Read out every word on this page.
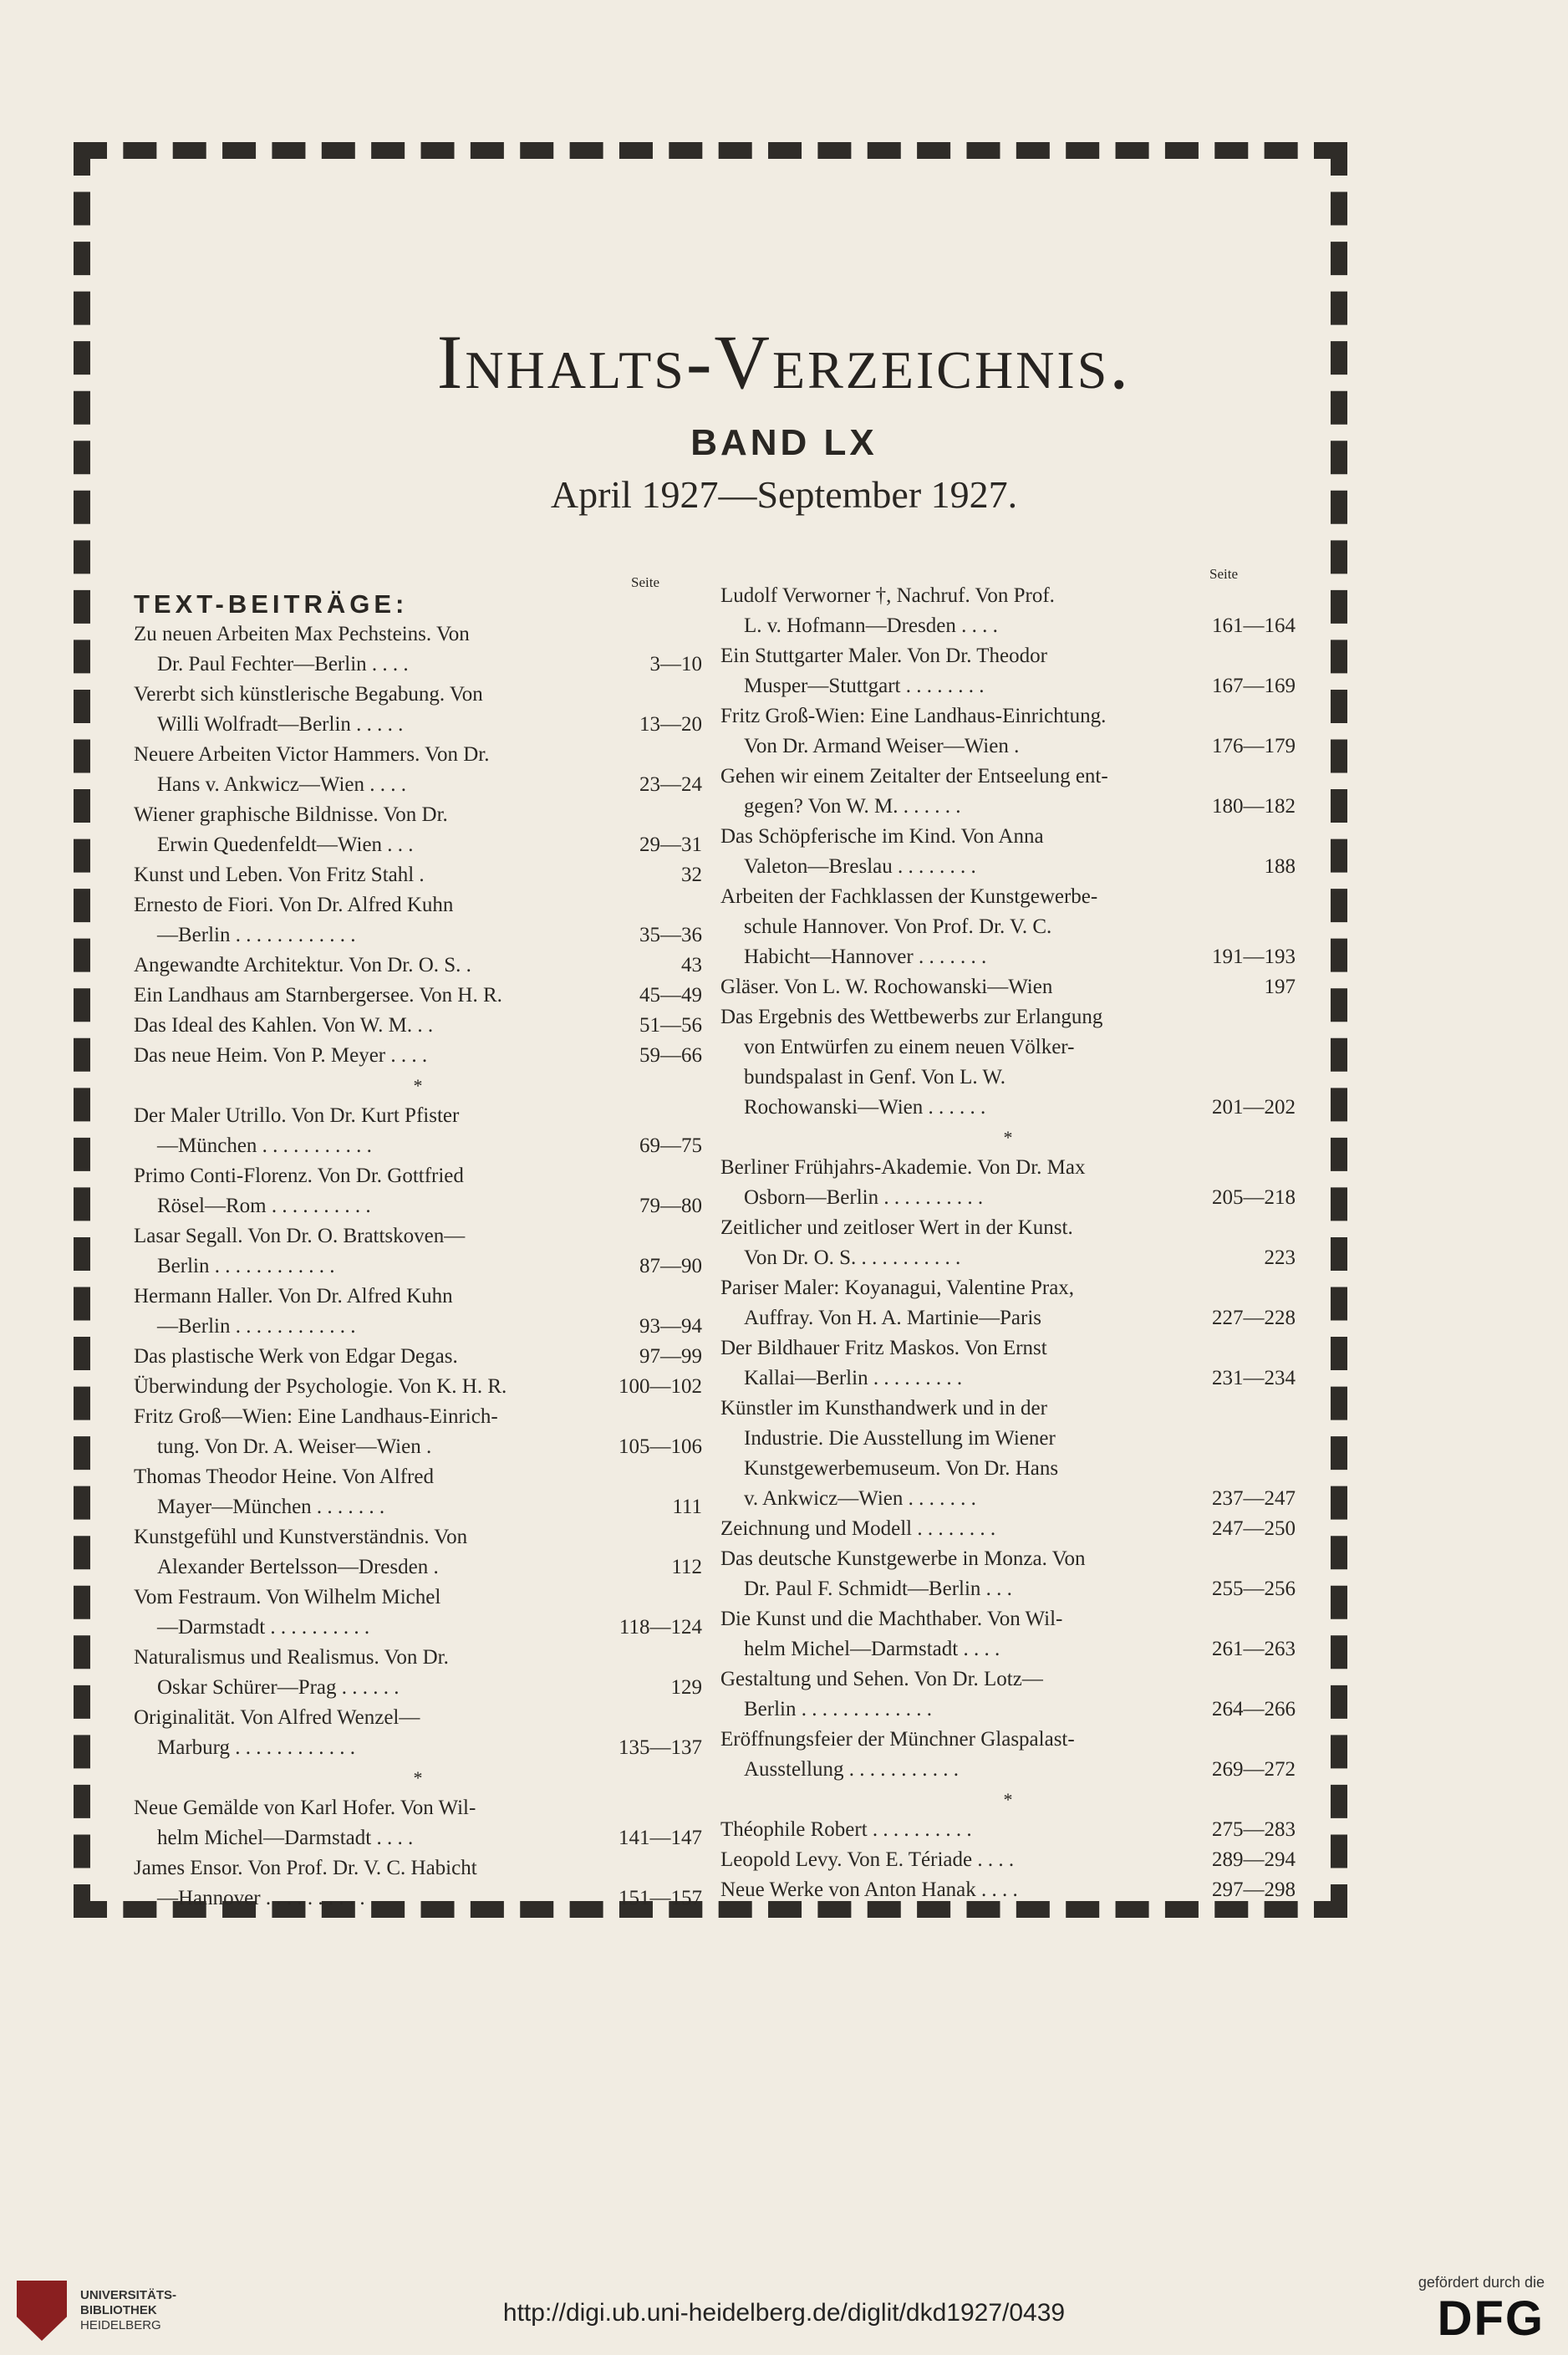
Inhalts-Verzeichnis.
BAND LX
April 1927—September 1927.
TEXT-BEITRÄGE:
Seite
Zu neuen Arbeiten Max Pechsteins. Von
Dr. Paul Fechter—Berlin . . . .	3—10
Vererbt sich künstlerische Begabung. Von
Willi Wolfradt—Berlin . . . . .	13—20
Neuere Arbeiten Victor Hammers. Von Dr.
Hans v. Ankwicz—Wien . . . .	23—24
Wiener graphische Bildnisse. Von Dr.
Erwin Quedenfeldt—Wien . . .	29—31
Kunst und Leben. Von Fritz Stahl .	32
Ernesto de Fiori. Von Dr. Alfred Kuhn
—Berlin . . . . . . . . . . . .	35—36
Angewandte Architektur. Von Dr. O. S. .	43
Ein Landhaus am Starnbergersee. Von H. R.	45—49
Das Ideal des Kahlen. Von W. M. . .	51—56
Das neue Heim. Von P. Meyer . . . .	59—66
*
Der Maler Utrillo. Von Dr. Kurt Pfister
—München . . . . . . . . . . .	69—75
Primo Conti-Florenz. Von Dr. Gottfried
Rösel—Rom . . . . . . . . . .	79—80
Lasar Segall. Von Dr. O. Brattskoven—
Berlin . . . . . . . . . . . .	87—90
Hermann Haller. Von Dr. Alfred Kuhn
—Berlin . . . . . . . . . . . .	93—94
Das plastische Werk von Edgar Degas.	97—99
Überwindung der Psychologie. Von K. H. R.	100—102
Fritz Groß—Wien: Eine Landhaus-Einrich-
tung. Von Dr. A. Weiser—Wien .	105—106
Thomas Theodor Heine. Von Alfred
Mayer—München . . . . . . .	111
Kunstgefühl und Kunstverständnis. Von
Alexander Bertelsson—Dresden .	112
Vom Festraum. Von Wilhelm Michel
—Darmstadt . . . . . . . . . .	118—124
Naturalismus und Realismus. Von Dr.
Oskar Schürer—Prag . . . . . .	129
Originalität. Von Alfred Wenzel—
Marburg . . . . . . . . . . . .	135—137
*
Neue Gemälde von Karl Hofer. Von Wil-
helm Michel—Darmstadt . . . .	141—147
James Ensor. Von Prof. Dr. V. C. Habicht
—Hannover . . . . . . . . . .	151—157
Seite
Ludolf Verworner †, Nachruf. Von Prof.
L. v. Hofmann—Dresden . . . .	161—164
Ein Stuttgarter Maler. Von Dr. Theodor
Musper—Stuttgart . . . . . . . .	167—169
Fritz Groß-Wien: Eine Landhaus-Einrichtung.
Von Dr. Armand Weiser—Wien .	176—179
Gehen wir einem Zeitalter der Entseelung ent-
gegen? Von W. M. . . . . . .	180—182
Das Schöpferische im Kind. Von Anna
Valeton—Breslau . . . . . . . .	188
Arbeiten der Fachklassen der Kunstgewerbe-
schule Hannover. Von Prof. Dr. V. C.
Habicht—Hannover . . . . . . .	191—193
Gläser. Von L. W. Rochowanski—Wien	197
Das Ergebnis des Wettbewerbs zur Erlangung
von Entwürfen zu einem neuen Völker-
bundspalast in Genf. Von L. W.
Rochowanski—Wien . . . . . .	201—202
*
Berliner Frühjahrs-Akademie. Von Dr. Max
Osborn—Berlin . . . . . . . . . .	205—218
Zeitlicher und zeitloser Wert in der Kunst.
Von Dr. O. S. . . . . . . . . . .	223
Pariser Maler: Koyanagui, Valentine Prax,
Auffray. Von H. A. Martinie—Paris	227—228
Der Bildhauer Fritz Maskos. Von Ernst
Kallai—Berlin . . . . . . . . .	231—234
Künstler im Kunsthandwerk und in der
Industrie. Die Ausstellung im Wiener
Kunstgewerbemuseum. Von Dr. Hans
v. Ankwicz—Wien . . . . . . .	237—247
Zeichnung und Modell . . . . . . . .	247—250
Das deutsche Kunstgewerbe in Monza. Von
Dr. Paul F. Schmidt—Berlin . . .	255—256
Die Kunst und die Machthaber. Von Wil-
helm Michel—Darmstadt . . . .	261—263
Gestaltung und Sehen. Von Dr. Lotz—
Berlin . . . . . . . . . . . . .	264—266
Eröffnungsfeier der Münchner Glaspalast-
Ausstellung . . . . . . . . . . .	269—272
*
Théophile Robert . . . . . . . . . .	275—283
Leopold Levy. Von E. Tériade . . . .	289—294
Neue Werke von Anton Hanak . . . .	297—298
UNIVERSITÄTS-
BIBLIOTHEK
HEIDELBERG	http://digi.ub.uni-heidelberg.de/diglit/dkd1927/0439
gefördert durch die
DFG
